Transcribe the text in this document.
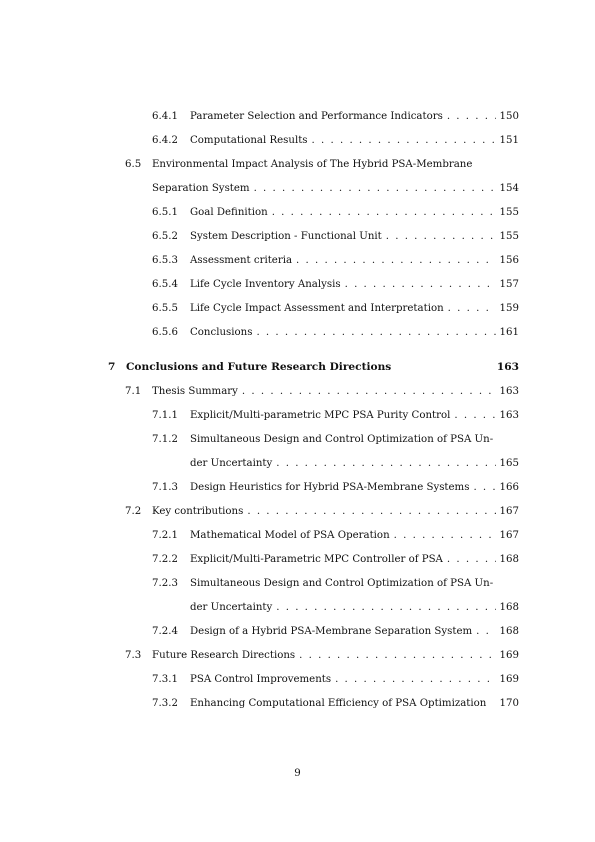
6.4.1	Parameter Selection and Performance Indicators . . .	150
6.4.2	Computational Results . . .	151
6.5	Environmental Impact Analysis of The Hybrid PSA-Membrane
Separation System . . .	154
6.5.1	Goal Definition . . .	155
6.5.2	System Description - Functional Unit . . .	155
6.5.3	Assessment criteria . . .	156
6.5.4	Life Cycle Inventory Analysis . . .	157
6.5.5	Life Cycle Impact Assessment and Interpretation . . .	159
6.5.6	Conclusions . . .	161
7	Conclusions and Future Research Directions	163
7.1	Thesis Summary . . .	163
7.1.1	Explicit/Multi-parametric MPC PSA Purity Control . . .	163
7.1.2	Simultaneous Design and Control Optimization of PSA Un-
der Uncertainty . . .	165
7.1.3	Design Heuristics for Hybrid PSA-Membrane Systems . . .	166
7.2	Key contributions . . .	167
7.2.1	Mathematical Model of PSA Operation . . .	167
7.2.2	Explicit/Multi-Parametric MPC Controller of PSA . . .	168
7.2.3	Simultaneous Design and Control Optimization of PSA Un-
der Uncertainty . . .	168
7.2.4	Design of a Hybrid PSA-Membrane Separation System . . .	168
7.3	Future Research Directions . . .	169
7.3.1	PSA Control Improvements . . .	169
7.3.2	Enhancing Computational Efficiency of PSA Optimization 170
9
